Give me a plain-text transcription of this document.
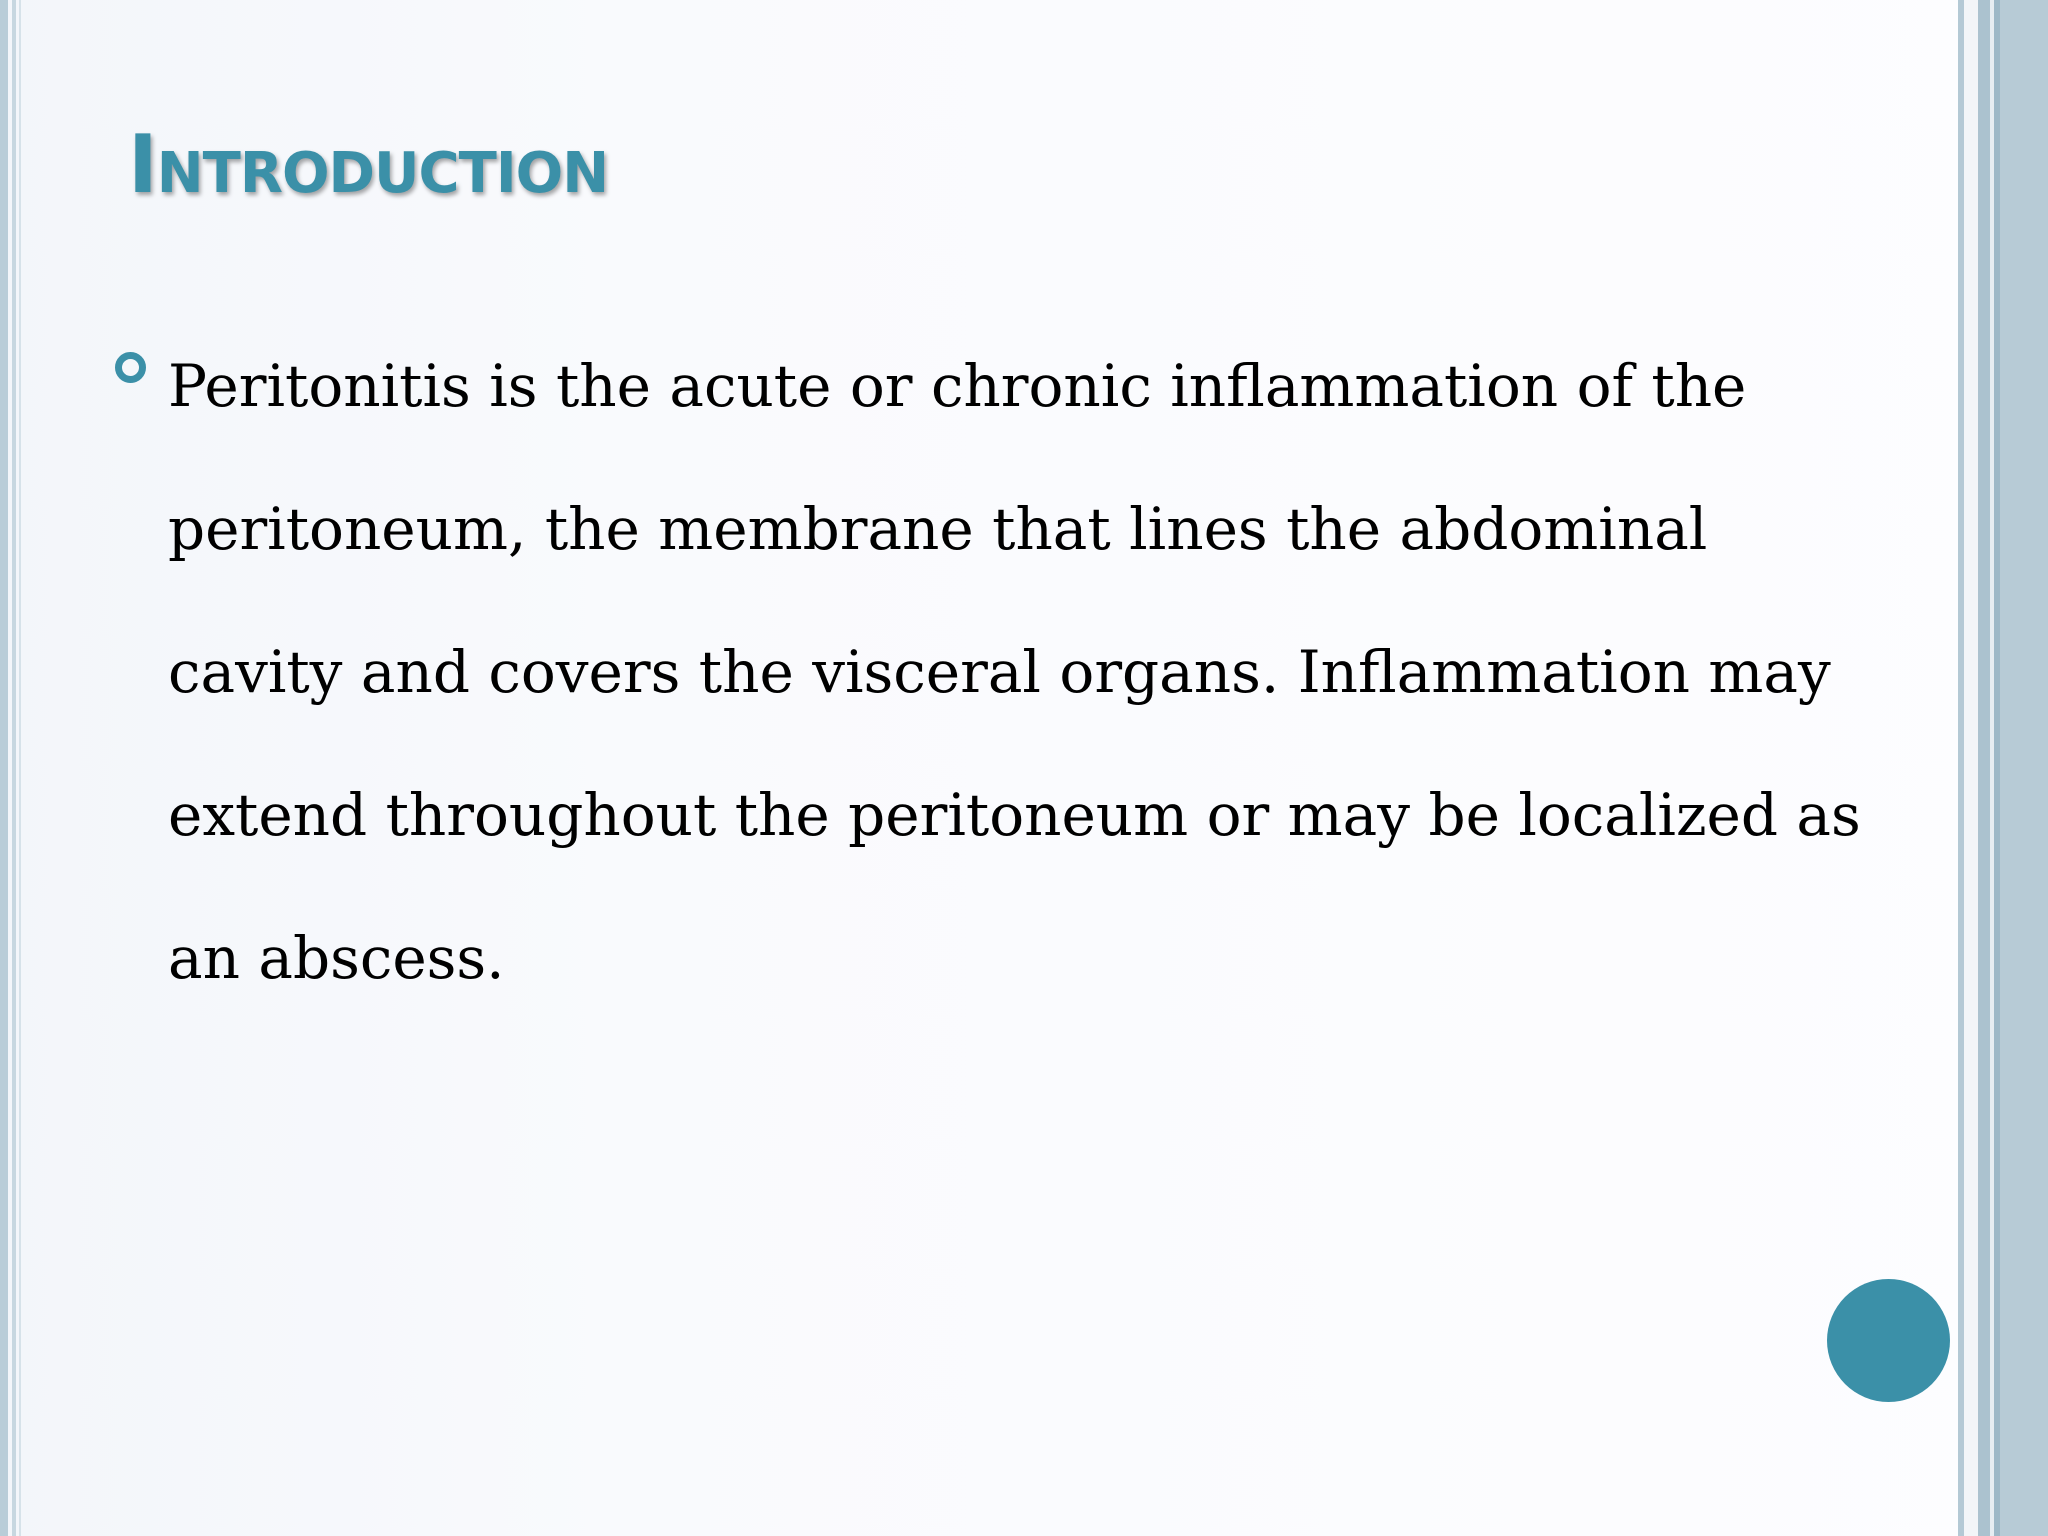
Introduction
Peritonitis is the acute or chronic inflammation of the peritoneum, the membrane that lines the abdominal cavity and covers the visceral organs. Inflammation may extend throughout the peritoneum or may be localized as an abscess.
